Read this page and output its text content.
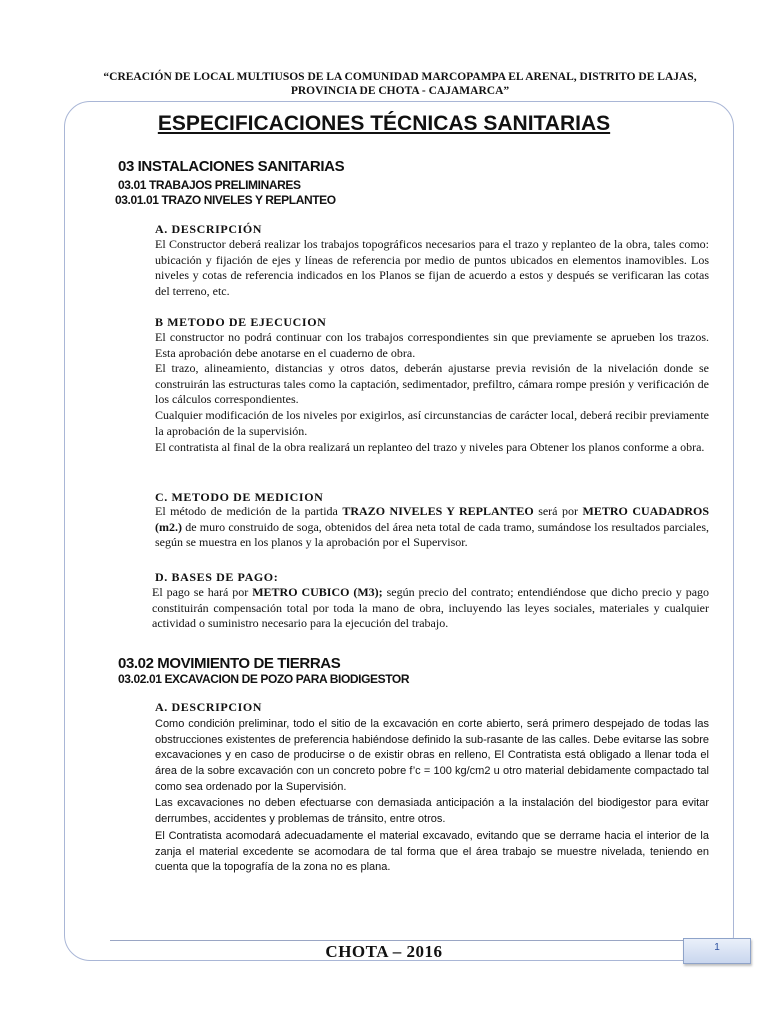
“CREACIÓN DE LOCAL MULTIUSOS DE LA COMUNIDAD MARCOPAMPA EL ARENAL, DISTRITO DE LAJAS,
PROVINCIA DE CHOTA - CAJAMARCA”
ESPECIFICACIONES TÉCNICAS SANITARIAS
03 INSTALACIONES SANITARIAS
03.01 TRABAJOS PRELIMINARES
03.01.01 TRAZO NIVELES Y REPLANTEO
A. DESCRIPCIÓN

El Constructor deberá realizar los trabajos topográficos necesarios para el trazo y replanteo de la obra, tales como: ubicación y fijación de ejes y líneas de referencia por medio de puntos ubicados en elementos inamovibles. Los niveles y cotas de referencia indicados en los Planos se fijan de acuerdo a estos y después se verificaran las cotas del terreno, etc.

B METODO DE EJECUCION

El constructor no podrá continuar con los trabajos correspondientes sin que previamente se aprueben los trazos. Esta aprobación debe anotarse en el cuaderno de obra.

El trazo, alineamiento, distancias y otros datos, deberán ajustarse previa revisión de la nivelación donde se construirán las estructuras tales como la captación, sedimentador, prefiltro, cámara rompe presión y verificación de los cálculos correspondientes.

Cualquier modificación de los niveles por exigirlos, así circunstancias de carácter local, deberá recibir previamente la aprobación de la supervisión.

El contratista al final de la obra realizará un replanteo del trazo y niveles para Obtener los planos conforme a obra.

C. METODO DE MEDICION

El método de medición de la partida TRAZO NIVELES Y REPLANTEO será por METRO CUADADROS (m2.) de muro construido de soga, obtenidos del área neta total de cada tramo, sumándose los resultados parciales, según se muestra en los planos y la aprobación por el Supervisor.

D. BASES DE PAGO:

El pago se hará por METRO CUBICO (M3); según precio del contrato; entendiéndose que dicho precio y pago constituirán compensación total por toda la mano de obra, incluyendo las leyes sociales, materiales y cualquier actividad o suministro necesario para la ejecución del trabajo.

03.02 MOVIMIENTO DE TIERRAS
03.02.01 EXCAVACION DE POZO PARA BIODIGESTOR
A. DESCRIPCION

Como condición preliminar, todo el sitio de la excavación en corte abierto, será primero despejado de todas las obstrucciones existentes de preferencia habiéndose definido la sub-rasante de las calles. Debe evitarse las sobre excavaciones y en caso de producirse o de existir obras en relleno, El Contratista está obligado a llenar toda el área de la sobre excavación con un concreto pobre f’c = 100 kg/cm2 u otro material debidamente compactado tal como sea ordenado por la Supervisión.

Las excavaciones no deben efectuarse con demasiada anticipación a la instalación del biodigestor para evitar derrumbes, accidentes y problemas de tránsito, entre otros.

El Contratista acomodará adecuadamente el material excavado, evitando que se derrame hacia el interior de la zanja el material excedente se acomodara de tal forma que el área trabajo se muestre nivelada, teniendo en cuenta que la topografía de la zona no es plana.

CHOTA – 2016	1
